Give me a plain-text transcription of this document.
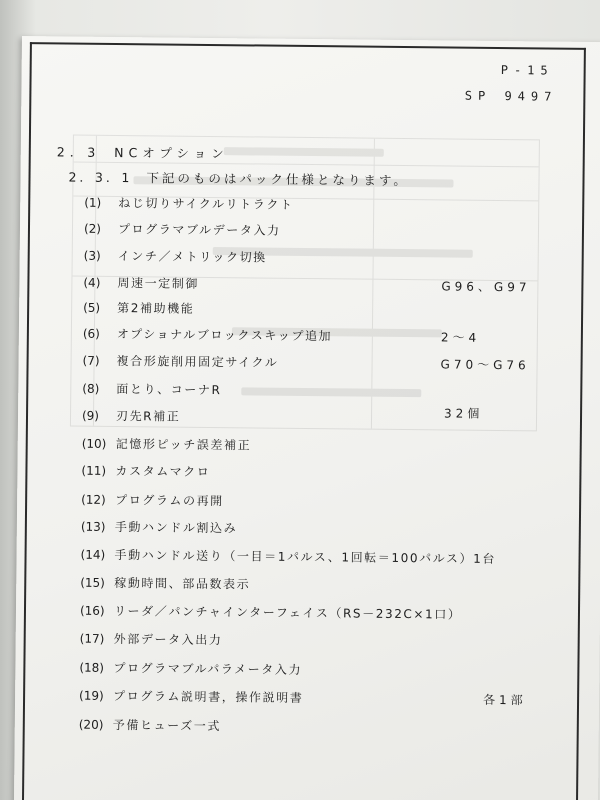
P-15
SP 9497
2．3 NCオプション
2．3．1 下記のものはパック仕様となります。
(1) ねじ切りサイクルリトラクト
(2) プログラマブルデータ入力
(3) インチ／メトリック切換
(4) 周速一定制御	G96、G97
(5) 第2補助機能
(6) オプショナルブロックスキップ追加	2～4
(7) 複合形旋削用固定サイクル	G70～G76
(8) 面とり、コーナR
(9) 刃先R補正	32個
(10) 記憶形ピッチ誤差補正
(11) カスタムマクロ
(12) プログラムの再開
(13) 手動ハンドル割込み
(14) 手動ハンドル送り（一目＝1パルス、1回転＝100パルス）1台
(15) 稼動時間、部品数表示
(16) リーダ／パンチャインターフェイス（RS－232C×1口）
(17) 外部データ入出力
(18) プログラマブルパラメータ入力
(19) プログラム説明書，操作説明書	各1部
(20) 予備ヒューズ一式
